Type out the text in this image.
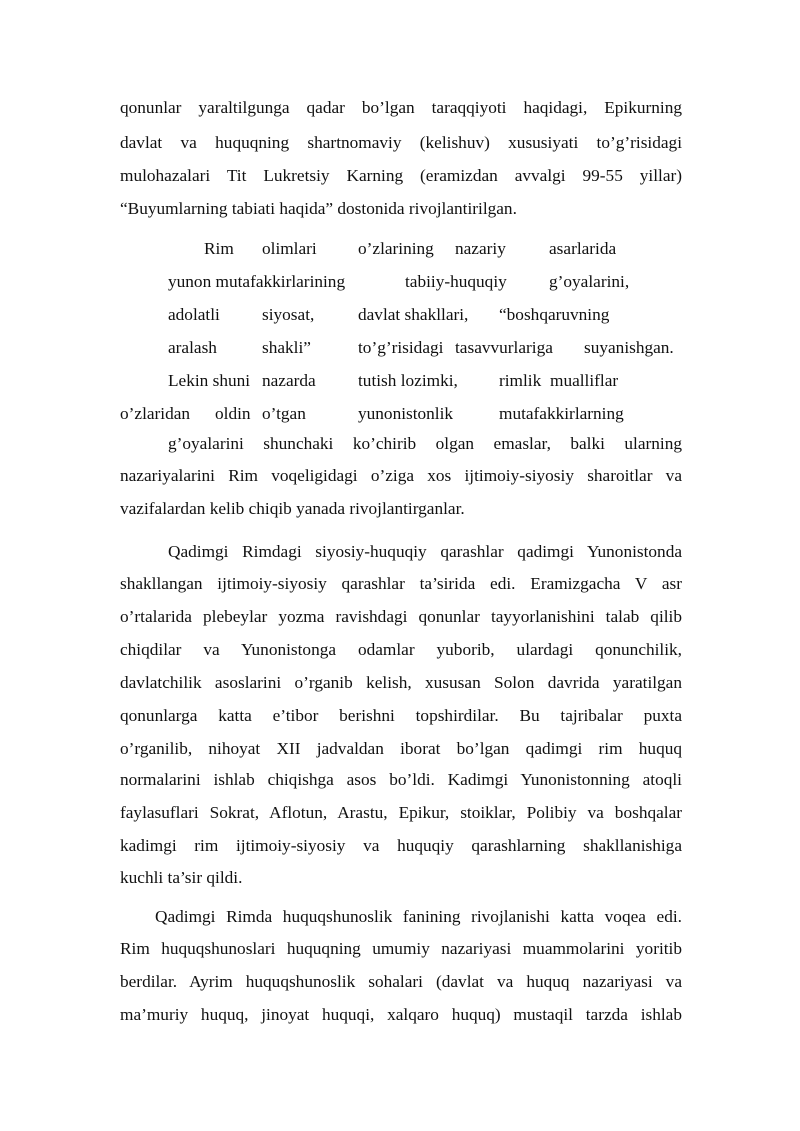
qonunlar yaraltilgunga qadar bo’lgan taraqqiyoti haqidagi, Epikurning
davlat va huquqning shartnomaviy (kelishuv) xususiyati to’g’risidagi
mulohazalari Tit Lukretsiy Karning (eramizdan avvalgi 99-55 yillar)
“Buyumlarning tabiati haqida” dostonida rivojlantirilgan.
Rim olimlari o’zlarining nazariy asarlarida
yunon mutafakkirlarining	tabiiy-huquqiy g’oyalarini,
adolatli siyosat,	davlat shakllari, “boshqaruvning
aralash	shakli”	to’g’risidagi tasavvurlariga suyanishgan.
Lekin shuni nazarda tutish lozimki, rimlik mualliflar
o’zlaridan oldin o’tgan	yunonistonlik	mutafakkirlarning
g’oyalarini shunchaki ko’chirib olgan emaslar, balki ularning
nazariyalarini Rim voqeligidagi o’ziga xos ijtimoiy-siyosiy sharoitlar va
vazifalardan kelib chiqib yanada rivojlantirganlar.
Qadimgi Rimdagi siyosiy-huquqiy qarashlar qadimgi Yunonistonda
shakllangan ijtimoiy-siyosiy qarashlar ta’sirida edi. Eramizgacha V asr
o’rtalarida plebeylar yozma ravishdagi qonunlar tayyorlanishini talab qilib
chiqdilar va Yunonistonga odamlar yuborib, ulardagi qonunchilik,
davlatchilik asoslarini o’rganib kelish, xususan Solon davrida yaratilgan
qonunlarga katta e’tibor berishni topshirdilar. Bu tajribalar puxta
o’rganilib, nihoyat XII jadvaldan iborat bo’lgan qadimgi rim huquq
normalarini ishlab chiqishga asos bo’ldi. Kadimgi Yunonistonning atoqli
faylasuflari Sokrat, Aflotun, Arastu, Epikur, stoiklar, Polibiy va boshqalar
kadimgi rim ijtimoiy-siyosiy va huquqiy qarashlarning shakllanishiga
kuchli ta’sir qildi.
Qadimgi Rimda huquqshunoslik fanining rivojlanishi katta voqea edi.
Rim huquqshunoslari huquqning umumiy nazariyasi muammolarini yoritib
berdilar. Ayrim huquqshunoslik sohalari (davlat va huquq nazariyasi va
ma’muriy huquq, jinoyat huquqi, xalqaro huquq) mustaqil tarzda ishlab
